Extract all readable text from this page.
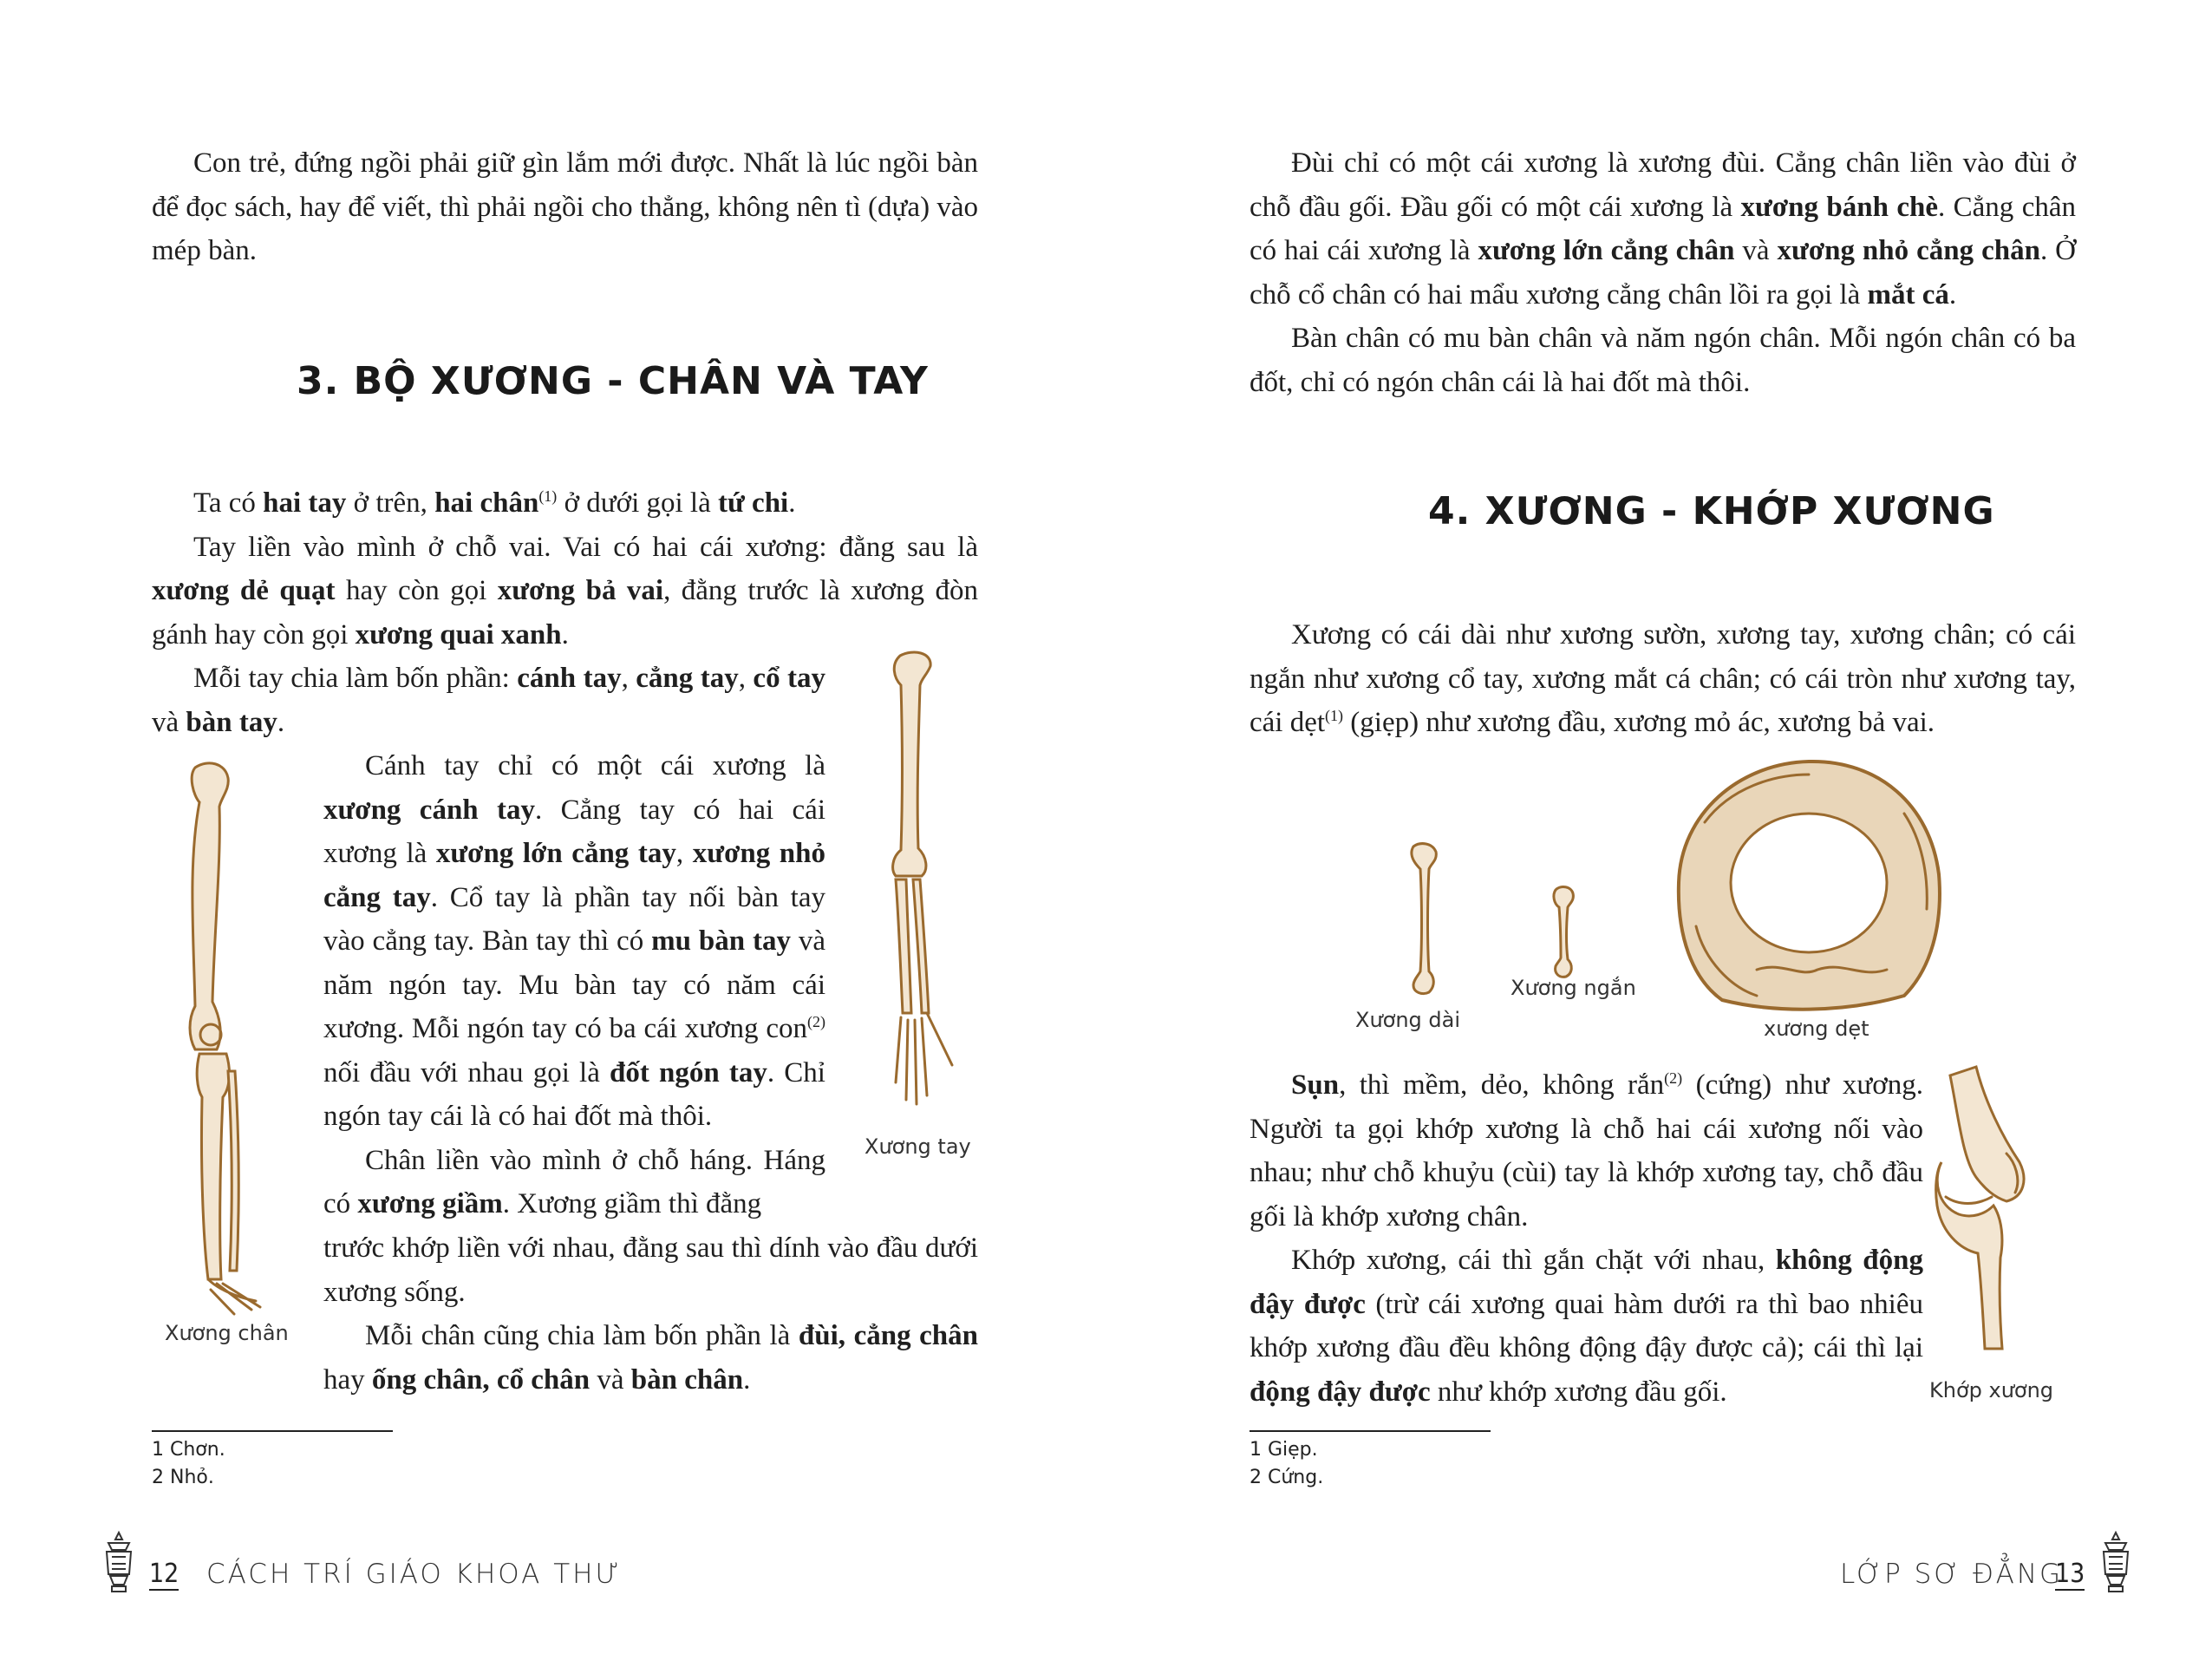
Con trẻ, đứng ngồi phải giữ gìn lắm mới được. Nhất là lúc ngồi bàn để đọc sách, hay để viết, thì phải ngồi cho thẳng, không nên tì (dựa) vào mép bàn.

3. BỘ XƯƠNG - CHÂN VÀ TAY

Ta có hai tay ở trên, hai chân$^{(1)}$ ở dưới gọi là tứ chi.

Tay liền vào mình ở chỗ vai. Vai có hai cái xương: đằng sau là xương dẻ quạt hay còn gọi xương bả vai, đằng trước là xương đòn gánh hay còn gọi xương quai xanh.

Mỗi tay chia làm bốn phần: cánh tay, cẳng tay, cổ tay và bàn tay.

Cánh tay chỉ có một cái xương là xương cánh tay. Cẳng tay có hai cái xương là xương lớn cẳng tay, xương nhỏ cẳng tay. Cổ tay là phần tay nối bàn tay vào cẳng tay. Bàn tay thì có mu bàn tay và năm ngón tay. Mu bàn tay có năm cái xương. Mỗi ngón tay có ba cái xương con$^{(2)}$ nối đầu với nhau gọi là đốt ngón tay. Chỉ ngón tay cái là có hai đốt mà thôi.

Chân liền vào mình ở chỗ háng. Háng có xương giầm. Xương giầm thì đằng

trước khớp liền với nhau, đằng sau thì dính vào đầu dưới xương sống.

Mỗi chân cũng chia làm bốn phần là đùi, cẳng chân hay ống chân, cổ chân và bàn chân.

Xương chân
Xương tay
1 Chơn.
2 Nhỏ.
12 CÁCH TRÍ GIÁO KHOA THƯ

Đùi chỉ có một cái xương là xương đùi. Cẳng chân liền vào đùi ở chỗ đầu gối. Đầu gối có một cái xương là xương bánh chè. Cẳng chân có hai cái xương là xương lớn cẳng chân và xương nhỏ cẳng chân. Ở chỗ cổ chân có hai mẩu xương cẳng chân lồi ra gọi là mắt cá.

Bàn chân có mu bàn chân và năm ngón chân. Mỗi ngón chân có ba đốt, chỉ có ngón chân cái là hai đốt mà thôi.

4. XƯƠNG - KHỚP XƯƠNG

Xương có cái dài như xương sườn, xương tay, xương chân; có cái ngắn như xương cổ tay, xương mắt cá chân; có cái tròn như xương tay, cái dẹt$^{(1)}$ (giẹp) như xương đầu, xương mỏ ác, xương bả vai.

Xương dài
Xương ngắn
xương dẹt

Sụn, thì mềm, dẻo, không rắn$^{(2)}$ (cứng) như xương. Người ta gọi khớp xương là chỗ hai cái xương nối vào nhau; như chỗ khuỷu (cùi) tay là khớp xương tay, chỗ đầu gối là khớp xương chân.

Khớp xương, cái thì gắn chặt với nhau, không động đậy được (trừ cái xương quai hàm dưới ra thì bao nhiêu khớp xương đầu đều không động đậy được cả); cái thì lại động đậy được như khớp xương đầu gối.	Khớp xương
1 Giẹp.
2 Cứng.
LỚP SƠ ĐẲNG
13
